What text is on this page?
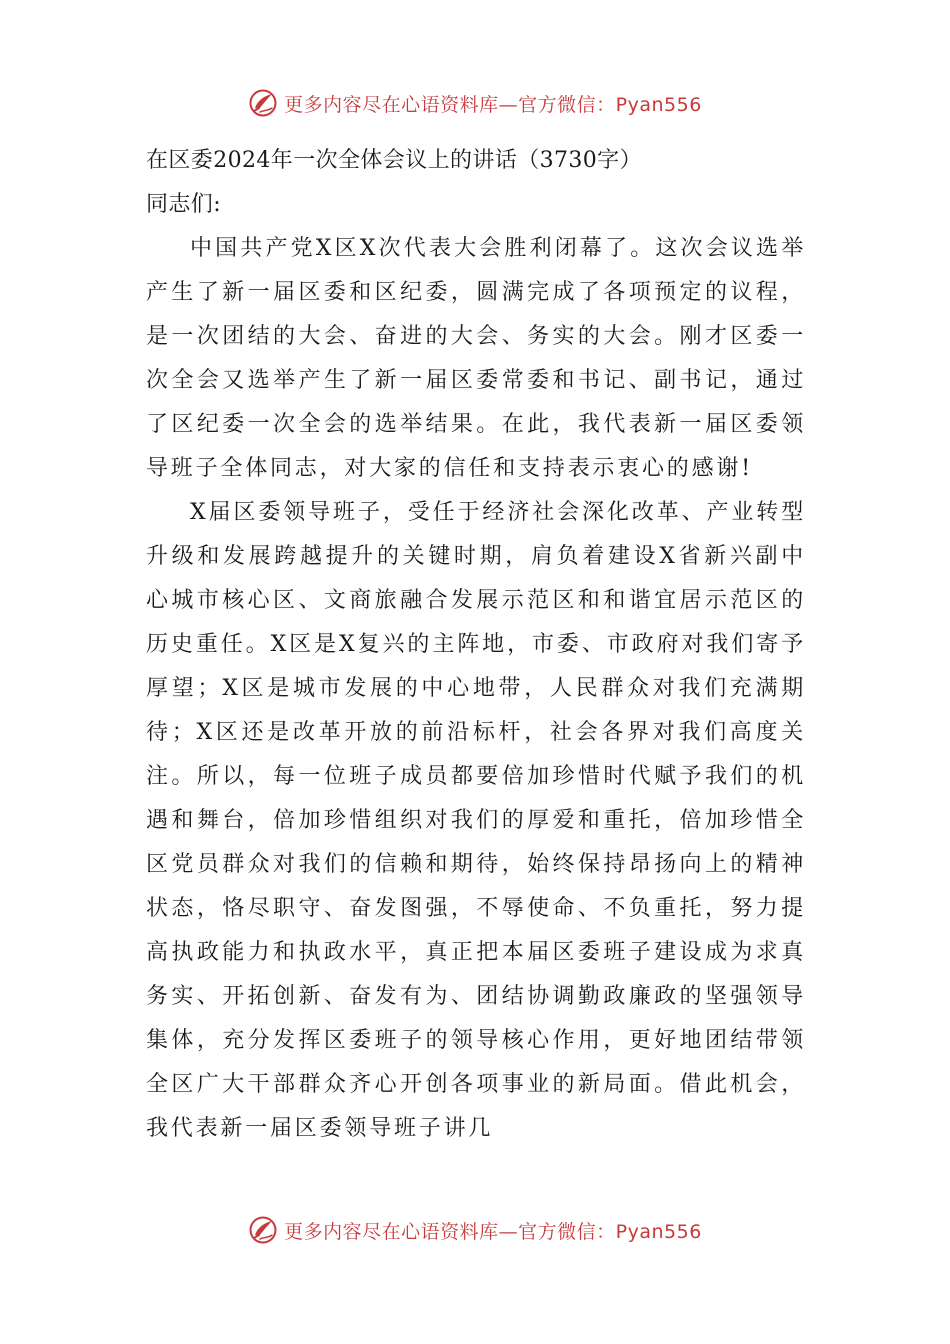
更多内容尽在心语资料库—官方微信：Pyan556
在区委2024年一次全体会议上的讲话（3730字）
同志们:

中国共产党X区X次代表大会胜利闭幕了。这次会议选举产生了新一届区委和区纪委，圆满完成了各项预定的议程，是一次团结的大会、奋进的大会、务实的大会。刚才区委一次全会又选举产生了新一届区委常委和书记、副书记，通过了区纪委一次全会的选举结果。在此，我代表新一届区委领导班子全体同志，对大家的信任和支持表示衷心的感谢!

X届区委领导班子，受任于经济社会深化改革、产业转型升级和发展跨越提升的关键时期，肩负着建设X省新兴副中心城市核心区、文商旅融合发展示范区和和谐宜居示范区的历史重任。X区是X复兴的主阵地，市委、市政府对我们寄予厚望；X区是城市发展的中心地带，人民群众对我们充满期待；X区还是改革开放的前沿标杆，社会各界对我们高度关注。所以，每一位班子成员都要倍加珍惜时代赋予我们的机遇和舞台，倍加珍惜组织对我们的厚爱和重托，倍加珍惜全区党员群众对我们的信赖和期待，始终保持昂扬向上的精神状态，恪尽职守、奋发图强，不辱使命、不负重托，努力提高执政能力和执政水平，真正把本届区委班子建设成为求真务实、开拓创新、奋发有为、团结协调勤政廉政的坚强领导集体，充分发挥区委班子的领导核心作用，更好地团结带领全区广大干部群众齐心开创各项事业的新局面。借此机会，我代表新一届区委领导班子讲几

更多内容尽在心语资料库—官方微信：Pyan556
